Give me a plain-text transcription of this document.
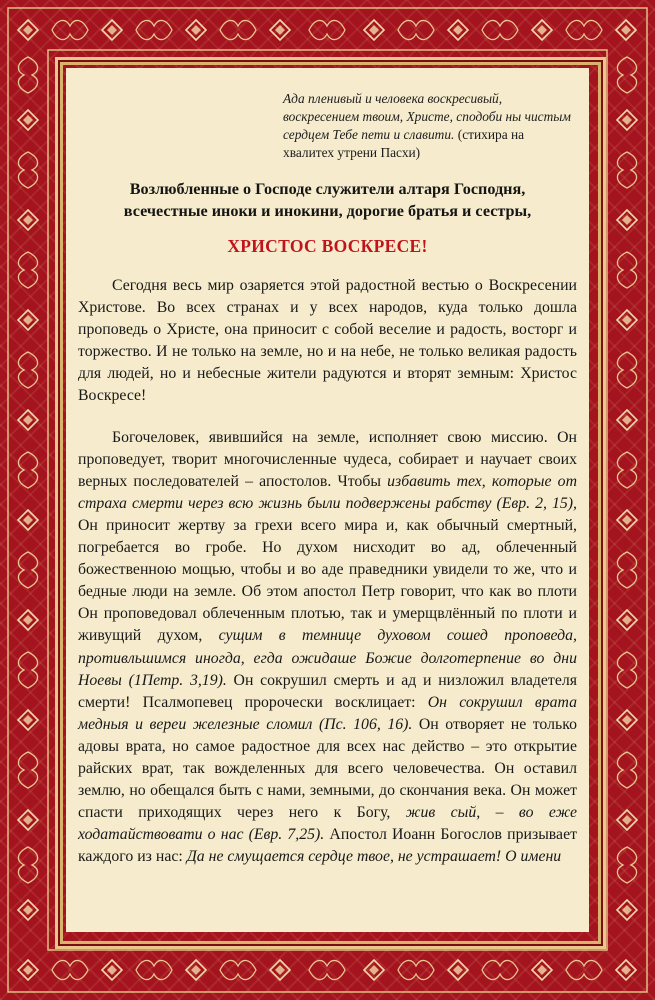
Ада пленивый и человека воскресивый, воскресением твоим, Христе, сподоби ны чистым сердцем Тебе пети и славити. (стихира на хвалитех утрени Пасхи)
Возлюбленные о Господе служители алтаря Господня,
всечестные иноки и инокини, дорогие братья и сестры,
ХРИСТОС ВОСКРЕСЕ!

Сегодня весь мир озаряется этой радостной вестью о Воскресении Христове. Во всех странах и у всех народов, куда только дошла проповедь о Христе, она приносит с собой веселие и радость, восторг и торжество. И не только на земле, но и на небе, не только великая радость для людей, но и небесные жители радуются и вторят земным: Христос Воскресе!

Богочеловек, явившийся на земле, исполняет свою миссию. Он проповедует, творит многочисленные чудеса, собирает и научает своих верных последователей – апостолов. Чтобы избавить тех, которые от страха смерти через всю жизнь были подвержены рабству (Евр. 2, 15), Он приносит жертву за грехи всего мира и, как обычный смертный, погребается во гробе. Но духом нисходит во ад, облеченный божественною мощью, чтобы и во аде праведники увидели то же, что и бедные люди на земле. Об этом апостол Петр говорит, что как во плоти Он проповедовал облеченным плотью, так и умерщвлённый по плоти и живущий духом, сущим в темнице духовом сошед проповеда, противльшимся иногда, егда ожидаше Божие долготерпение во дни Ноевы (1Петр. 3,19). Он сокрушил смерть и ад и низложил владетеля смерти! Псалмопевец пророчески восклицает: Он сокрушил врата медныя и вереи железные сломил (Пс. 106, 16). Он отворяет не только адовы врата, но самое радостное для всех нас действо – это открытие райских врат, так вожделенных для всего человечества. Он оставил землю, но обещался быть с нами, земными, до скончания века. Он может спасти приходящих через него к Богу, жив сый, – во еже ходатайствовати о нас (Евр. 7,25). Апостол Иоанн Богослов призывает каждого из нас: Да не смущается сердце твое, не устрашает! О имени
